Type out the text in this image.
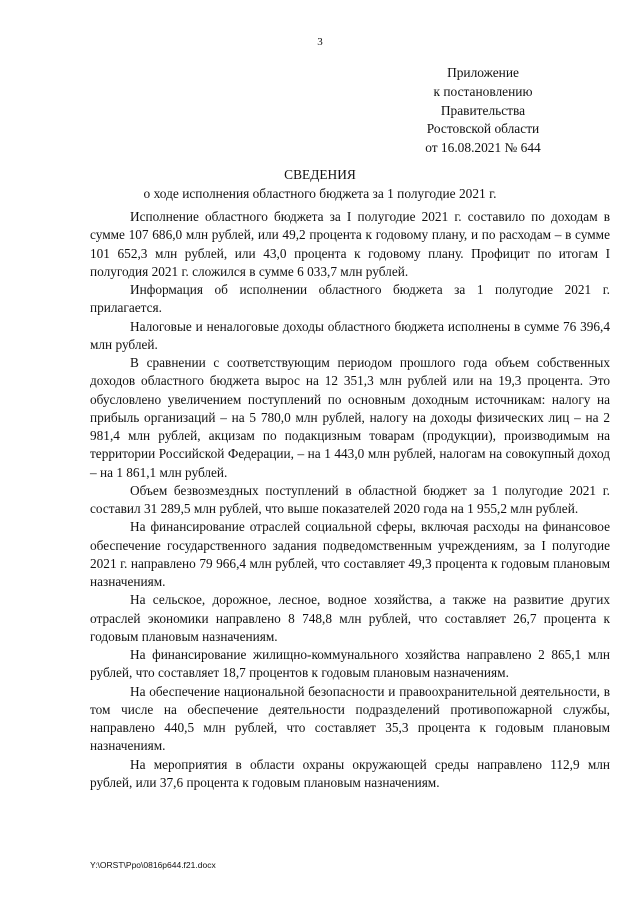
3
Приложение
к постановлению
Правительства
Ростовской области
от 16.08.2021 № 644
СВЕДЕНИЯ
о ходе исполнения областного бюджета за 1 полугодие 2021 г.

Исполнение областного бюджета за I полугодие 2021 г. составило по доходам в сумме 107 686,0 млн рублей, или 49,2 процента к годовому плану, и по расходам – в сумме 101 652,3 млн рублей, или 43,0 процента к годовому плану. Профицит по итогам I полугодия 2021 г. сложился в сумме 6 033,7 млн рублей.

Информация об исполнении областного бюджета за 1 полугодие 2021 г. прилагается.

Налоговые и неналоговые доходы областного бюджета исполнены в сумме 76 396,4 млн рублей.

В сравнении с соответствующим периодом прошлого года объем собственных доходов областного бюджета вырос на 12 351,3 млн рублей или на 19,3 процента. Это обусловлено увеличением поступлений по основным доходным источникам: налогу на прибыль организаций – на 5 780,0 млн рублей, налогу на доходы физических лиц – на 2 981,4 млн рублей, акцизам по подакцизным товарам (продукции), производимым на территории Российской Федерации, – на 1 443,0 млн рублей, налогам на совокупный доход – на 1 861,1 млн рублей.

Объем безвозмездных поступлений в областной бюджет за 1 полугодие 2021 г. составил 31 289,5 млн рублей, что выше показателей 2020 года на 1 955,2 млн рублей.

На финансирование отраслей социальной сферы, включая расходы на финансовое обеспечение государственного задания подведомственным учреждениям, за I полугодие 2021 г. направлено 79 966,4 млн рублей, что составляет 49,3 процента к годовым плановым назначениям.

На сельское, дорожное, лесное, водное хозяйства, а также на развитие других отраслей экономики направлено 8 748,8 млн рублей, что составляет 26,7 процента к годовым плановым назначениям.

На финансирование жилищно-коммунального хозяйства направлено 2 865,1 млн рублей, что составляет 18,7 процентов к годовым плановым назначениям.

На обеспечение национальной безопасности и правоохранительной деятельности, в том числе на обеспечение деятельности подразделений противопожарной службы, направлено 440,5 млн рублей, что составляет 35,3 процента к годовым плановым назначениям.

На мероприятия в области охраны окружающей среды направлено 112,9 млн рублей, или 37,6 процента к годовым плановым назначениям.

Y:\ORST\Ppo\0816p644.f21.docx
